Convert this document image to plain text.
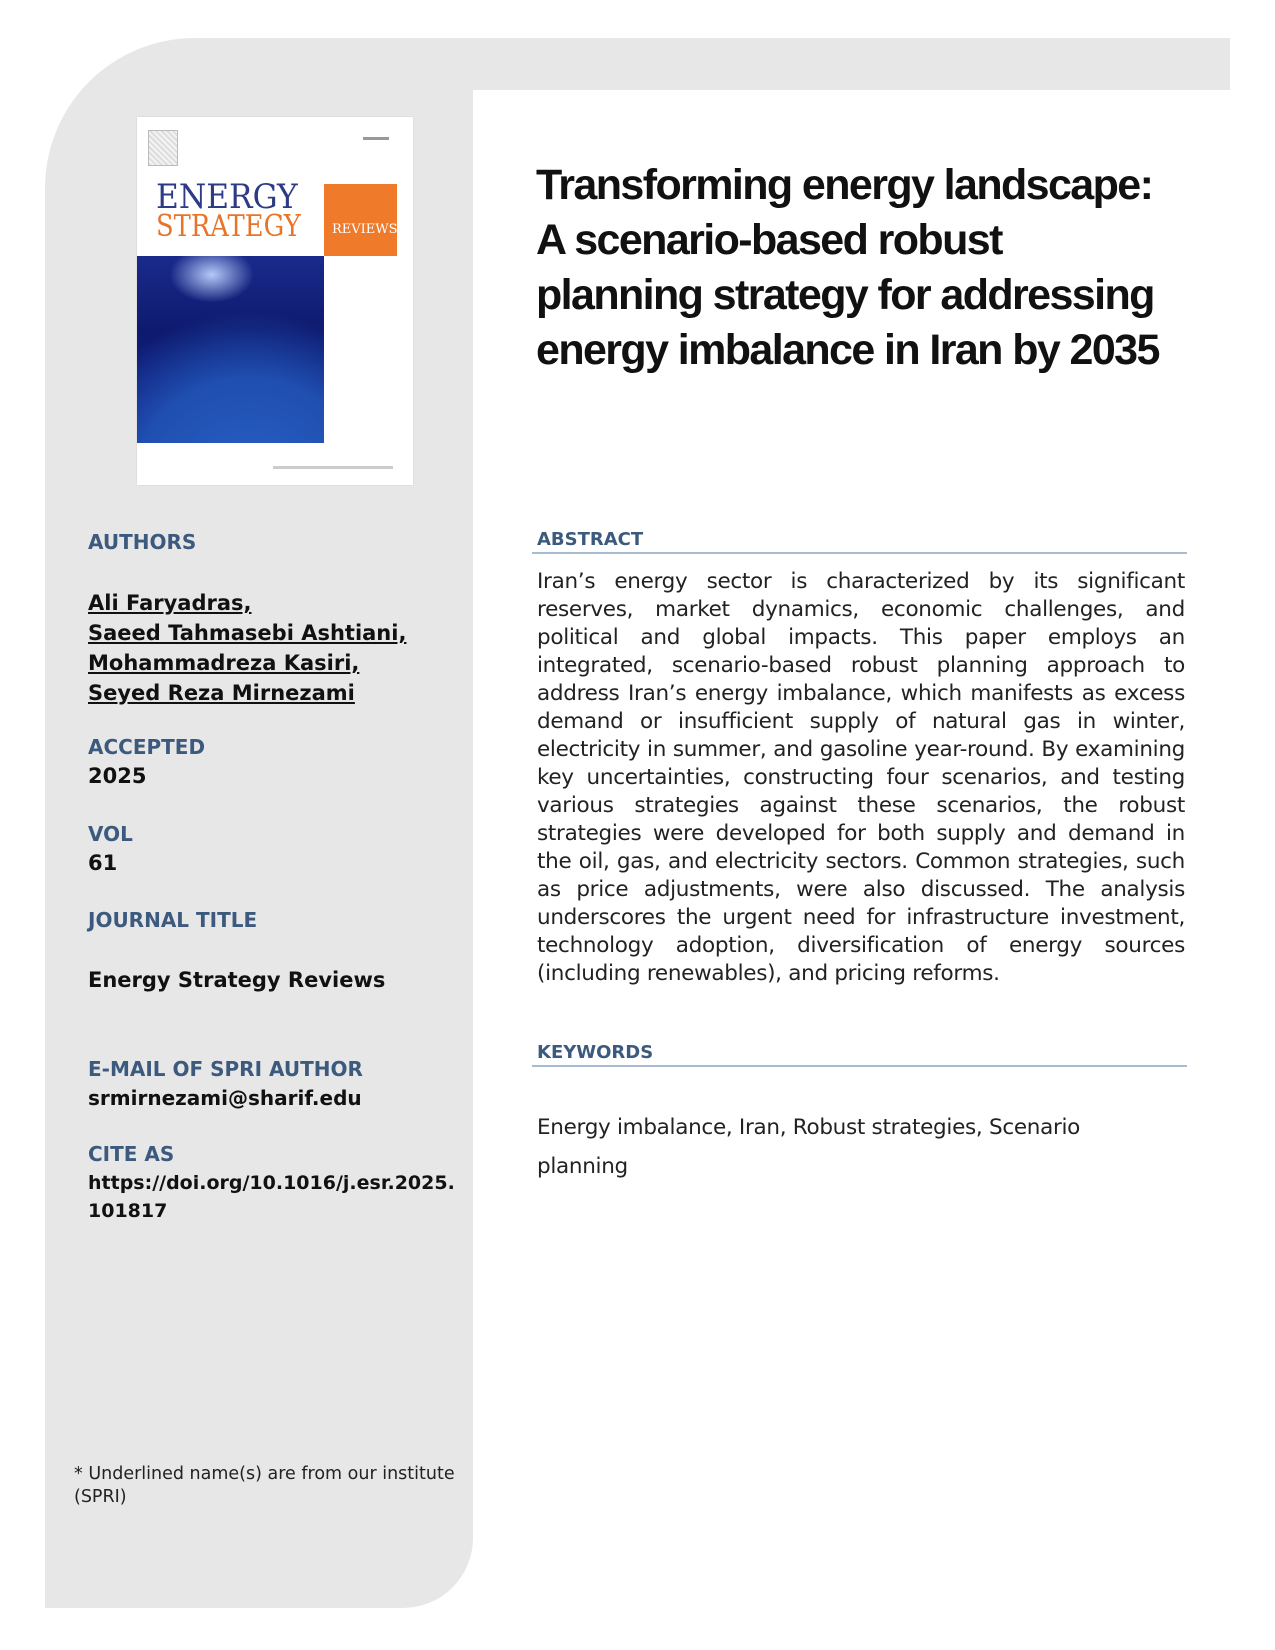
ENERGY
STRATEGY REVIEWS
AUTHORS
Ali Faryadras,
Saeed Tahmasebi Ashtiani,
Mohammadreza Kasiri,
Seyed Reza Mirnezami
ACCEPTED
2025
VOL
61
JOURNAL TITLE
Energy Strategy Reviews
E-MAIL OF SPRI AUTHOR
srmirnezami@sharif.edu
CITE AS
https://doi.org/10.1016/j.esr.2025.
101817
* Underlined name(s) are from our institute (SPRI)
Transforming energy landscape: A scenario-based robust planning strategy for addressing energy imbalance in Iran by 2035
ABSTRACT
Iran’s energy sector is characterized by its significant reserves, market dynamics, economic challenges, and political and global impacts. This paper employs an integrated, scenario-based robust planning approach to address Iran’s energy imbalance, which manifests as excess demand or insufficient supply of natural gas in winter, electricity in summer, and gasoline year-round. By examining key uncertainties, constructing four scenarios, and testing various strategies against these scenarios, the robust strategies were developed for both supply and demand in the oil, gas, and electricity sectors. Common strategies, such as price adjustments, were also discussed. The analysis underscores the urgent need for infrastructure investment, technology adoption, diversification of energy sources (including renewables), and pricing reforms.
KEYWORDS
Energy imbalance, Iran, Robust strategies, Scenario planning
